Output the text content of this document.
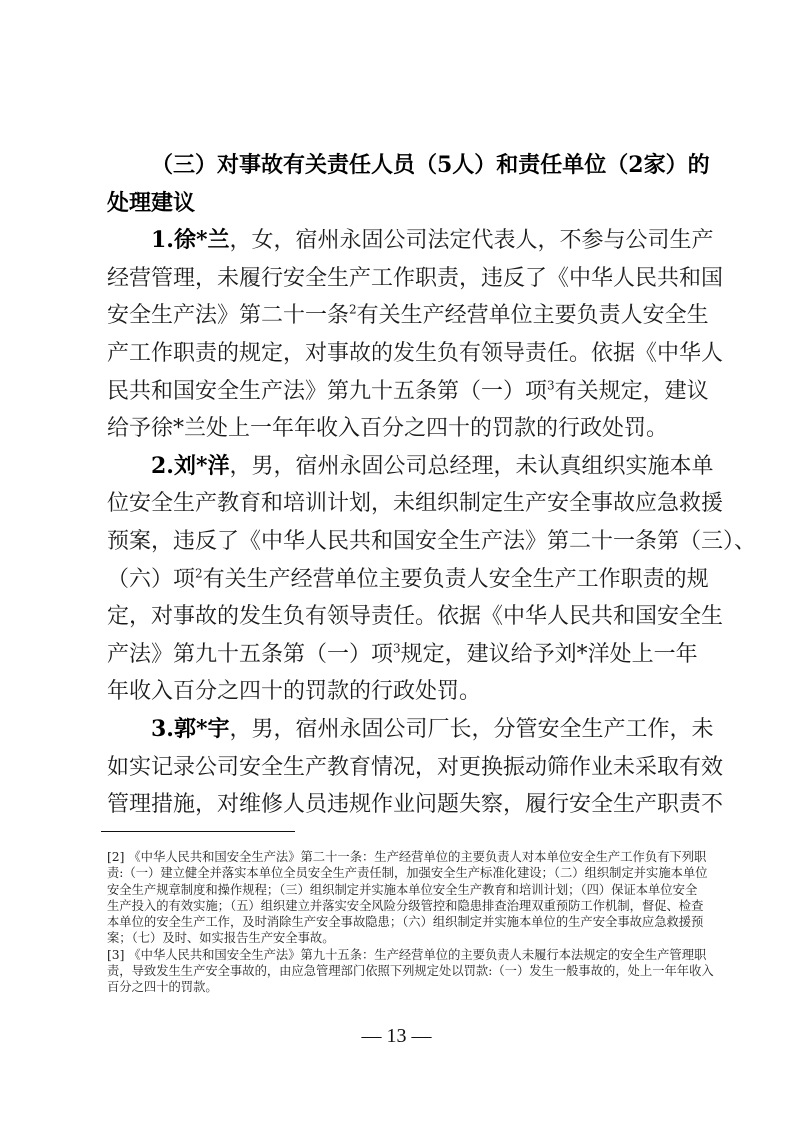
（三）对事故有关责任人员（5人）和责任单位（2家）的
处理建议
1.徐*兰，女，宿州永固公司法定代表人，不参与公司生产
经营管理，未履行安全生产工作职责，违反了《中华人民共和国
安全生产法》第二十一条$^2$有关生产经营单位主要负责人安全生
产工作职责的规定，对事故的发生负有领导责任。依据《中华人
民共和国安全生产法》第九十五条第（一）项$^3$有关规定，建议
给予徐*兰处上一年年收入百分之四十的罚款的行政处罚。
2.刘*洋，男，宿州永固公司总经理，未认真组织实施本单
位安全生产教育和培训计划，未组织制定生产安全事故应急救援
预案，违反了《中华人民共和国安全生产法》第二十一条第（三）、
（六）项$^2$有关生产经营单位主要负责人安全生产工作职责的规
定，对事故的发生负有领导责任。依据《中华人民共和国安全生
产法》第九十五条第（一）项$^3$规定，建议给予刘*洋处上一年
年收入百分之四十的罚款的行政处罚。
3.郭*宇，男，宿州永固公司厂长，分管安全生产工作，未
如实记录公司安全生产教育情况，对更换振动筛作业未采取有效
管理措施，对维修人员违规作业问题失察，履行安全生产职责不
[2] 《中华人民共和国安全生产法》第二十一条：生产经营单位的主要负责人对本单位安全生产工作负有下列职
责:（一）建立健全并落实本单位全员安全生产责任制，加强安全生产标准化建设；（二）组织制定并实施本单位
安全生产规章制度和操作规程；（三）组织制定并实施本单位安全生产教育和培训计划；（四）保证本单位安全
生产投入的有效实施；（五）组织建立并落实安全风险分级管控和隐患排查治理双重预防工作机制，督促、检查
本单位的安全生产工作，及时消除生产安全事故隐患；（六）组织制定并实施本单位的生产安全事故应急救援预
案；（七）及时、如实报告生产安全事故。
[3] 《中华人民共和国安全生产法》第九十五条：生产经营单位的主要负责人未履行本法规定的安全生产管理职
责，导致发生生产安全事故的，由应急管理部门依照下列规定处以罚款:（一）发生一般事故的，处上一年年收入
百分之四十的罚款。
— 13 —
